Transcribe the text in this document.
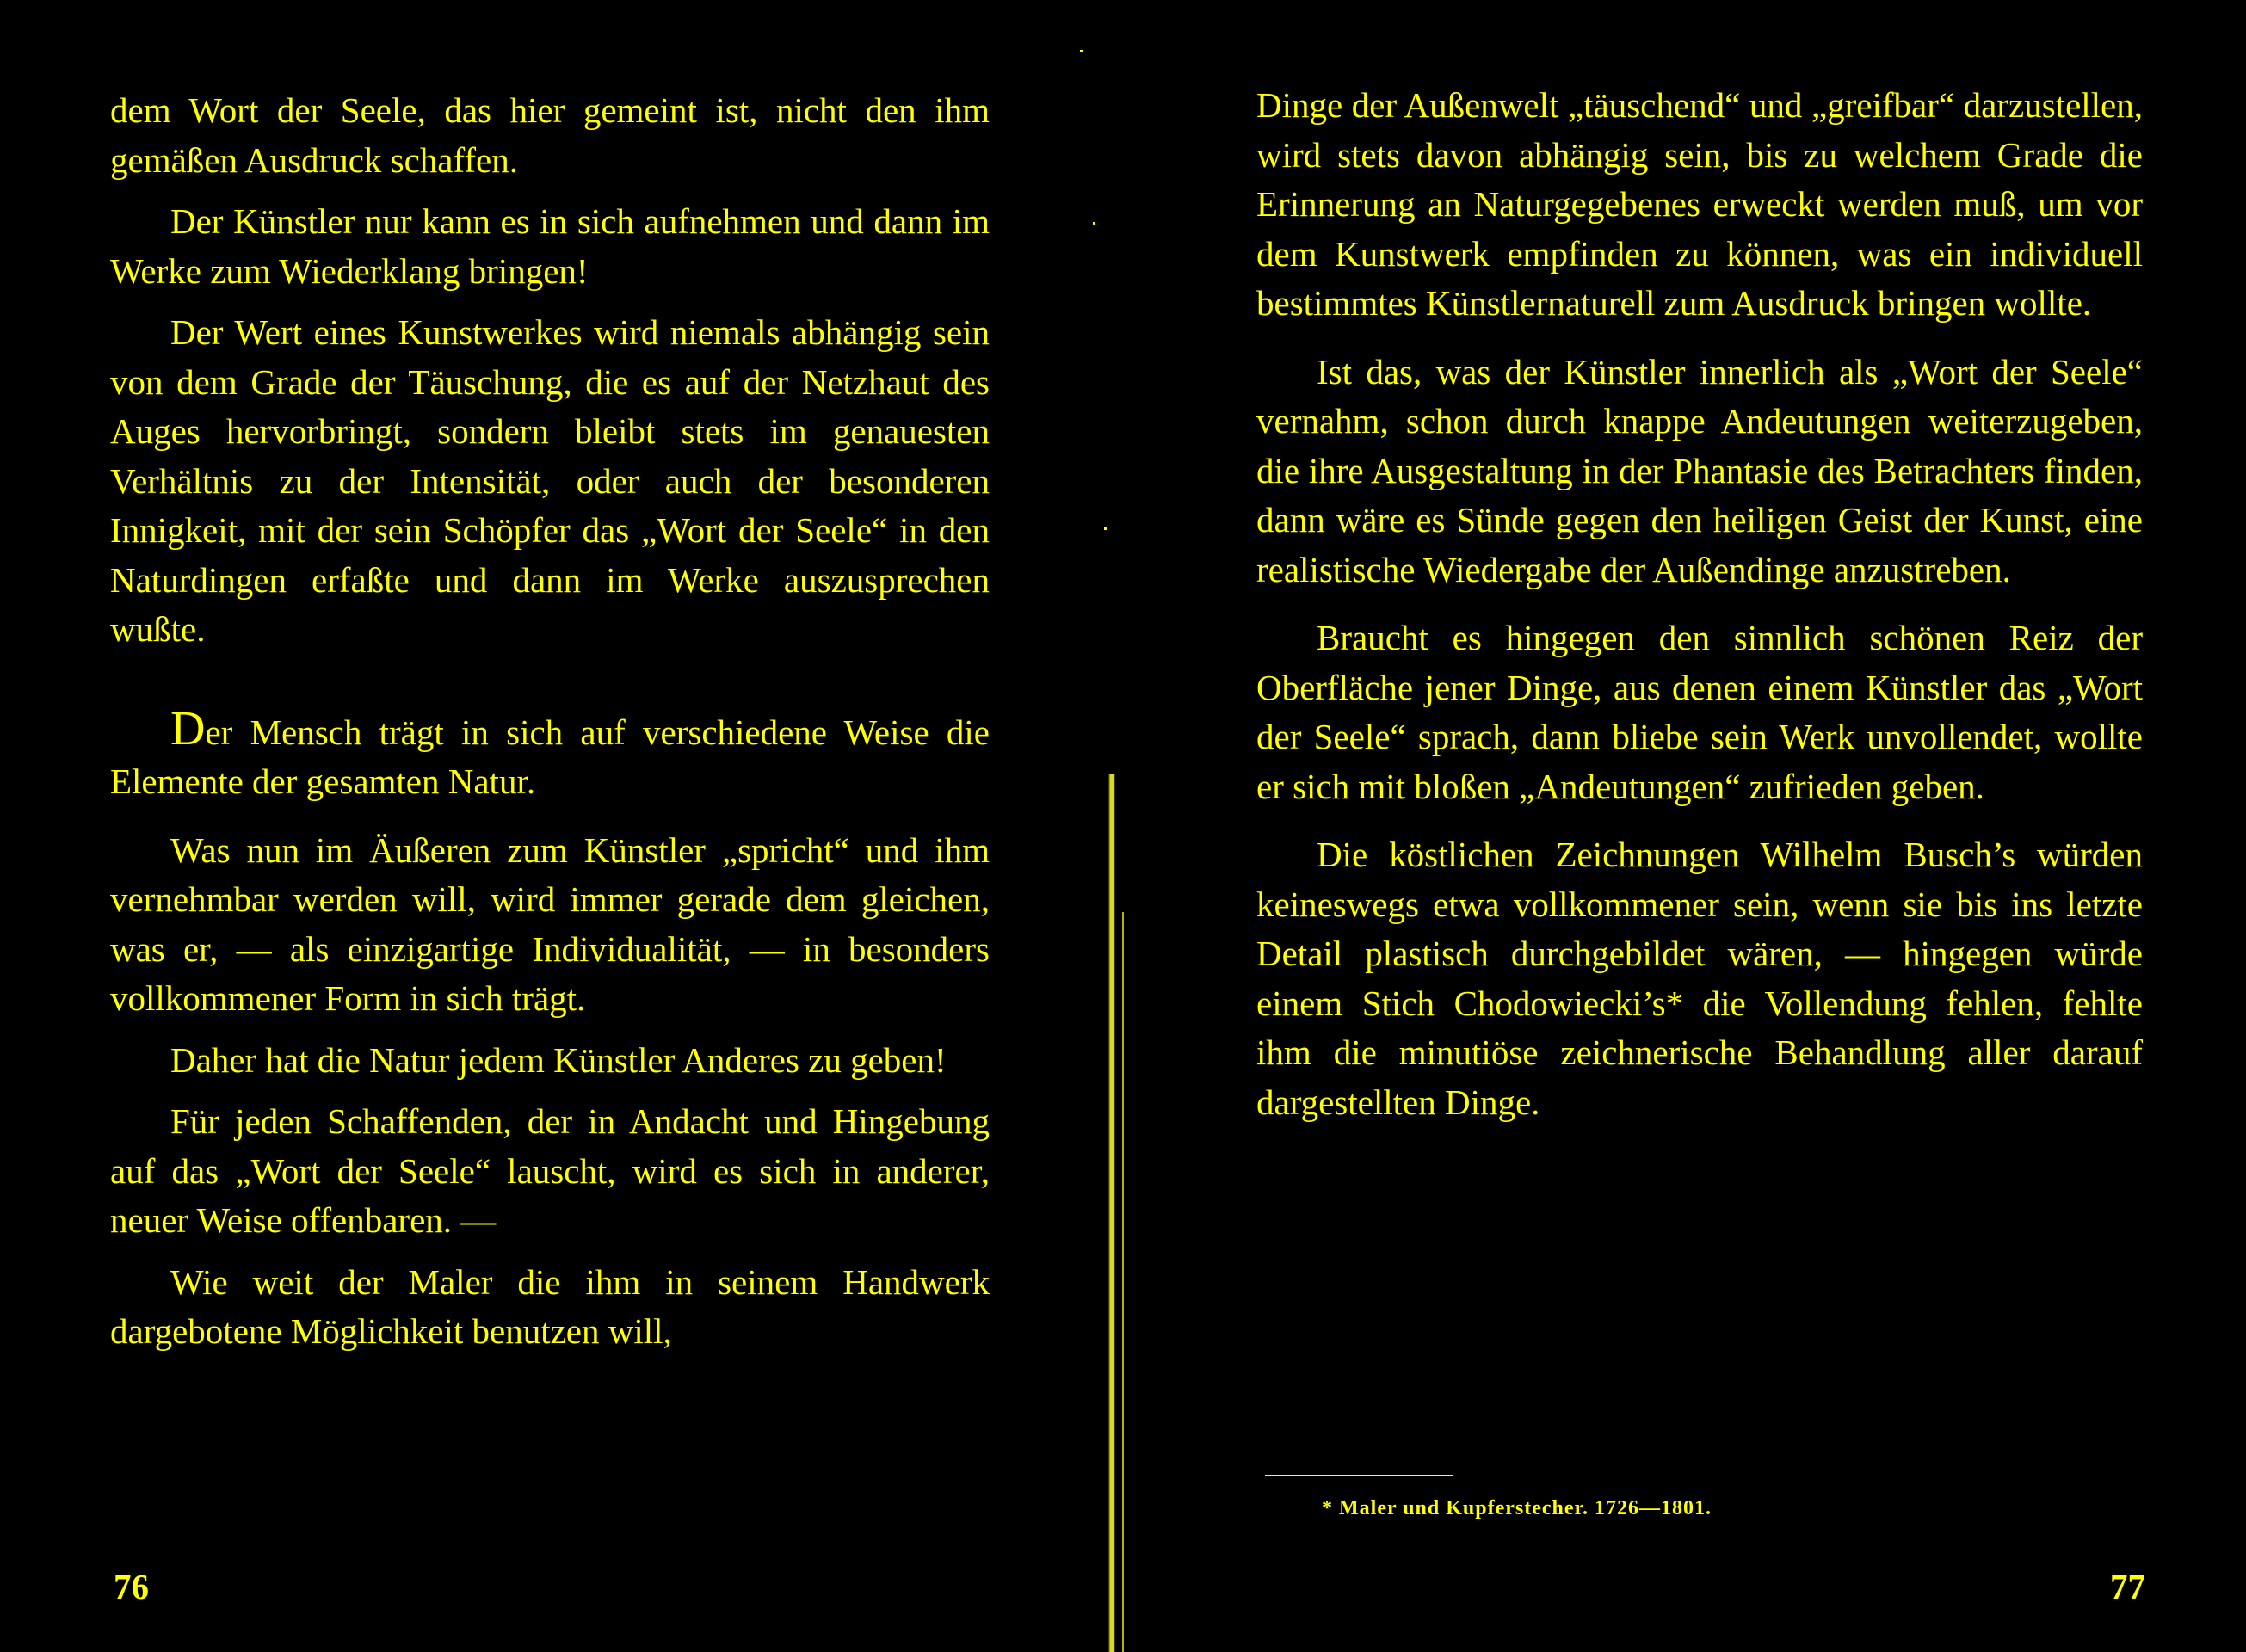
dem Wort der Seele, das hier gemeint ist, nicht den ihm gemäßen Ausdruck schaffen.

Der Künstler nur kann es in sich aufnehmen und dann im Werke zum Wiederklang bringen!

Der Wert eines Kunstwerkes wird niemals abhängig sein von dem Grade der Täuschung, die es auf der Netzhaut des Auges hervorbringt, sondern bleibt stets im genauesten Verhältnis zu der Intensität, oder auch der besonderen Innigkeit, mit der sein Schöpfer das „Wort der Seele“ in den Naturdingen erfaßte und dann im Werke auszusprechen wußte.

Der Mensch trägt in sich auf verschiedene Weise die Elemente der gesamten Natur.

Was nun im Äußeren zum Künstler „spricht“ und ihm vernehmbar werden will, wird immer gerade dem gleichen, was er, — als einzigartige Individualität, — in besonders vollkommener Form in sich trägt.

Daher hat die Natur jedem Künstler Anderes zu geben!

Für jeden Schaffenden, der in Andacht und Hingebung auf das „Wort der Seele“ lauscht, wird es sich in anderer, neuer Weise offenbaren. —

Wie weit der Maler die ihm in seinem Handwerk dargebotene Möglichkeit benutzen will,

76

Dinge der Außenwelt „täuschend“ und „greifbar“ darzustellen, wird stets davon abhängig sein, bis zu welchem Grade die Erinnerung an Naturgegebenes erweckt werden muß, um vor dem Kunstwerk empfinden zu können, was ein individuell bestimmtes Künstlernaturell zum Ausdruck bringen wollte.

Ist das, was der Künstler innerlich als „Wort der Seele“ vernahm, schon durch knappe Andeutungen weiterzugeben, die ihre Ausgestaltung in der Phantasie des Betrachters finden, dann wäre es Sünde gegen den heiligen Geist der Kunst, eine realistische Wiedergabe der Außendinge anzustreben.

Braucht es hingegen den sinnlich schönen Reiz der Oberfläche jener Dinge, aus denen einem Künstler das „Wort der Seele“ sprach, dann bliebe sein Werk unvollendet, wollte er sich mit bloßen „Andeutungen“ zufrieden geben.

Die köstlichen Zeichnungen Wilhelm Busch’s würden keineswegs etwa vollkommener sein, wenn sie bis ins letzte Detail plastisch durchgebildet wären, — hingegen würde einem Stich Chodowiecki’s* die Vollendung fehlen, fehlte ihm die minutiöse zeichnerische Behandlung aller darauf dargestellten Dinge.

77
* Maler und Kupferstecher. 1726—1801.
